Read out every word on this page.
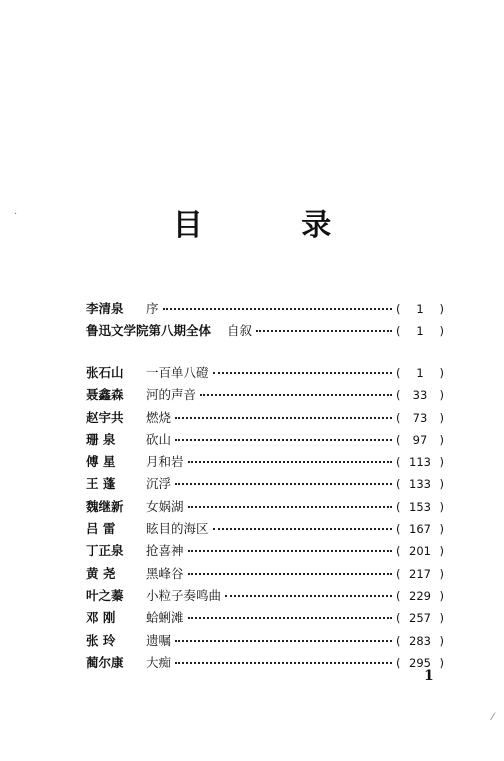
目 录
李清泉	序	( 1 )
鲁迅文学院第八期全体 自叙	( 1 )
张石山	一百单八磴	( 1 )
聂鑫森	河的声音	( 33 )
赵宇共	燃烧	( 73 )
珊 泉	砍山	( 97 )
傅 星	月和岩	( 113 )
王 蓬	沉浮	( 133 )
魏继新	女娲湖	( 153 )
吕 雷	眩目的海区	( 167 )
丁正泉	抢喜神	( 201 )
黄 尧	黑峰谷	( 217 )
叶之蓁	小粒子奏鸣曲	( 229 )
邓 刚	蛤蜊滩	( 257 )
张 玲	遗嘱	( 283 )
蔺尔康	大痴	( 295 )
1
·
⁄
